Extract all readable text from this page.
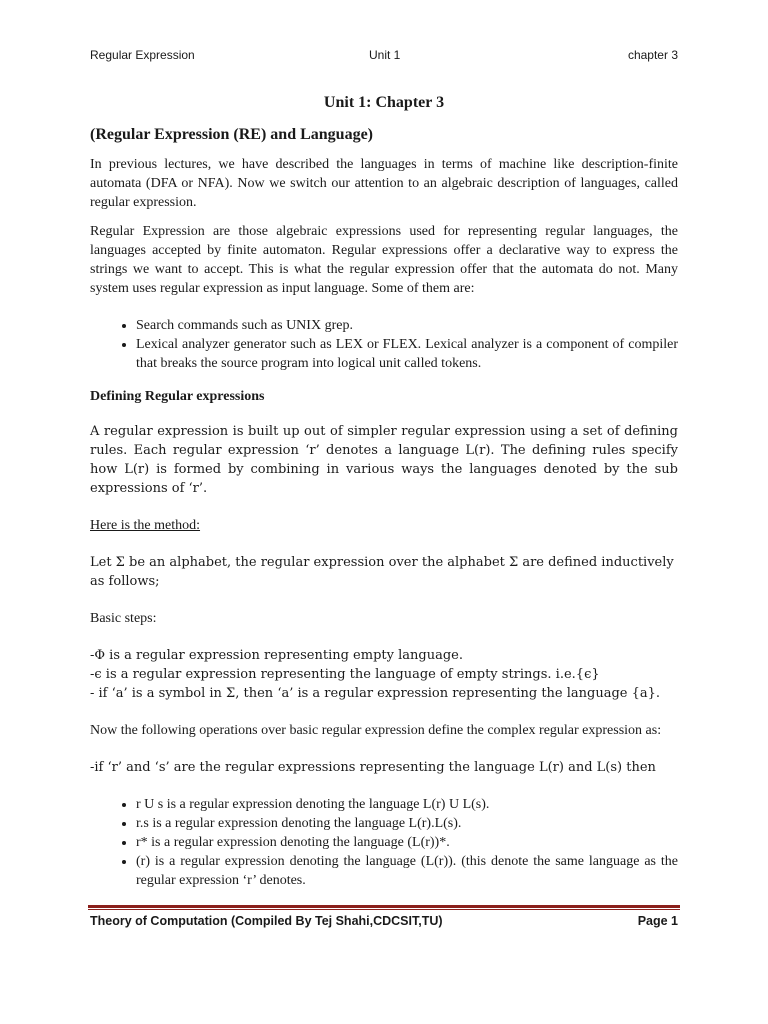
Regular Expression	Unit 1	chapter 3
Unit 1: Chapter 3
(Regular Expression (RE) and Language)

In previous lectures, we have described the languages in terms of machine like description-finite automata (DFA or NFA). Now we switch our attention to an algebraic description of languages, called regular expression.

Regular Expression are those algebraic expressions used for representing regular languages, the languages accepted by finite automaton. Regular expressions offer a declarative way to express the strings we want to accept. This is what the regular expression offer that the automata do not. Many system uses regular expression as input language. Some of them are:

• Search commands such as UNIX grep.
• Lexical analyzer generator such as LEX or FLEX. Lexical analyzer is a component of compiler that breaks the source program into logical unit called tokens.
Defining Regular expressions

A regular expression is built up out of simpler regular expression using a set of defining rules. Each regular expression ‘r’ denotes a language L(r). The defining rules specify how L(r) is formed by combining in various ways the languages denoted by the sub expressions of ‘r’.

Here is the method:

Let Σ be an alphabet, the regular expression over the alphabet Σ are defined inductively
as follows;

Basic steps:

-Φ is a regular expression representing empty language.
-ϵ is a regular expression representing the language of empty strings. i.e.{ϵ}
- if ‘a’ is a symbol in Σ, then ‘a’ is a regular expression representing the language {a}.

Now the following operations over basic regular expression define the complex regular expression as:

-if ‘r’ and ‘s’ are the regular expressions representing the language L(r) and L(s) then

• r U s is a regular expression denoting the language L(r) U L(s).
• r.s is a regular expression denoting the language L(r).L(s).
• r* is a regular expression denoting the language (L(r))*.
• (r) is a regular expression denoting the language (L(r)). (this denote the same language as the regular expression ‘r’ denotes.
Theory of Computation (Compiled By Tej Shahi,CDCSIT,TU)	Page 1
